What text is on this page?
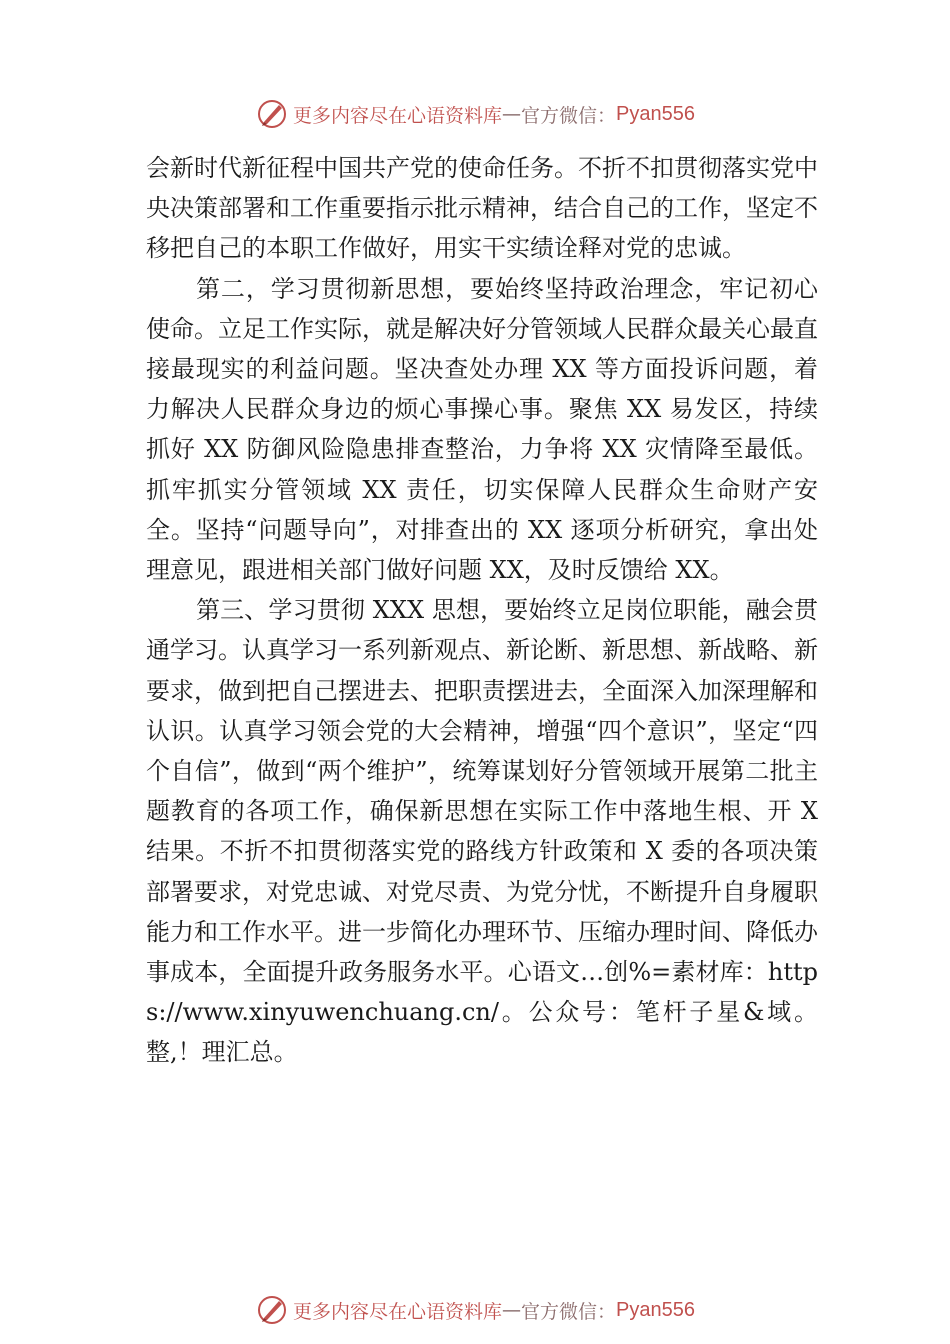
更多内容尽在心语资料库 — 官方微信： Pyan556

会新时代新征程中国共产党的使命任务。不折不扣贯彻落实党中央决策部署和工作重要指示批示精神，结合自己的工作，坚定不移把自己的本职工作做好，用实干实绩诠释对党的忠诚。

第二，学习贯彻新思想，要始终坚持政治理念，牢记初心使命。立足工作实际，就是解决好分管领域人民群众最关心最直接最现实的利益问题。坚决查处办理 XX 等方面投诉问题，着力解决人民群众身边的烦心事操心事。聚焦 XX 易发区，持续抓好 XX 防御风险隐患排查整治，力争将 XX 灾情降至最低。抓牢抓实分管领域 XX 责任，切实保障人民群众生命财产安全。坚持“问题导向”，对排查出的 XX 逐项分析研究，拿出处理意见，跟进相关部门做好问题 XX，及时反馈给 XX。

第三、学习贯彻 XXX 思想，要始终立足岗位职能，融会贯通学习。认真学习一系列新观点、新论断、新思想、新战略、新要求，做到把自己摆进去、把职责摆进去，全面深入加深理解和认识。认真学习领会党的大会精神，增强“四个意识”，坚定“四个自信”，做到“两个维护”，统筹谋划好分管领域开展第二批主题教育的各项工作，确保新思想在实际工作中落地生根、开 X 结果。不折不扣贯彻落实党的路线方针政策和 X 委的各项决策部署要求，对党忠诚、对党尽责、为党分忧，不断提升自身履职能力和工作水平。进一步简化办理环节、压缩办理时间、降低办事成本，全面提升政务服务水平。心语文…创%=素材库：https://www.xinyuwenchuang.cn/。公众号：笔杆子星&域。整,！理汇总。

更多内容尽在心语资料库 — 官方微信： Pyan556
